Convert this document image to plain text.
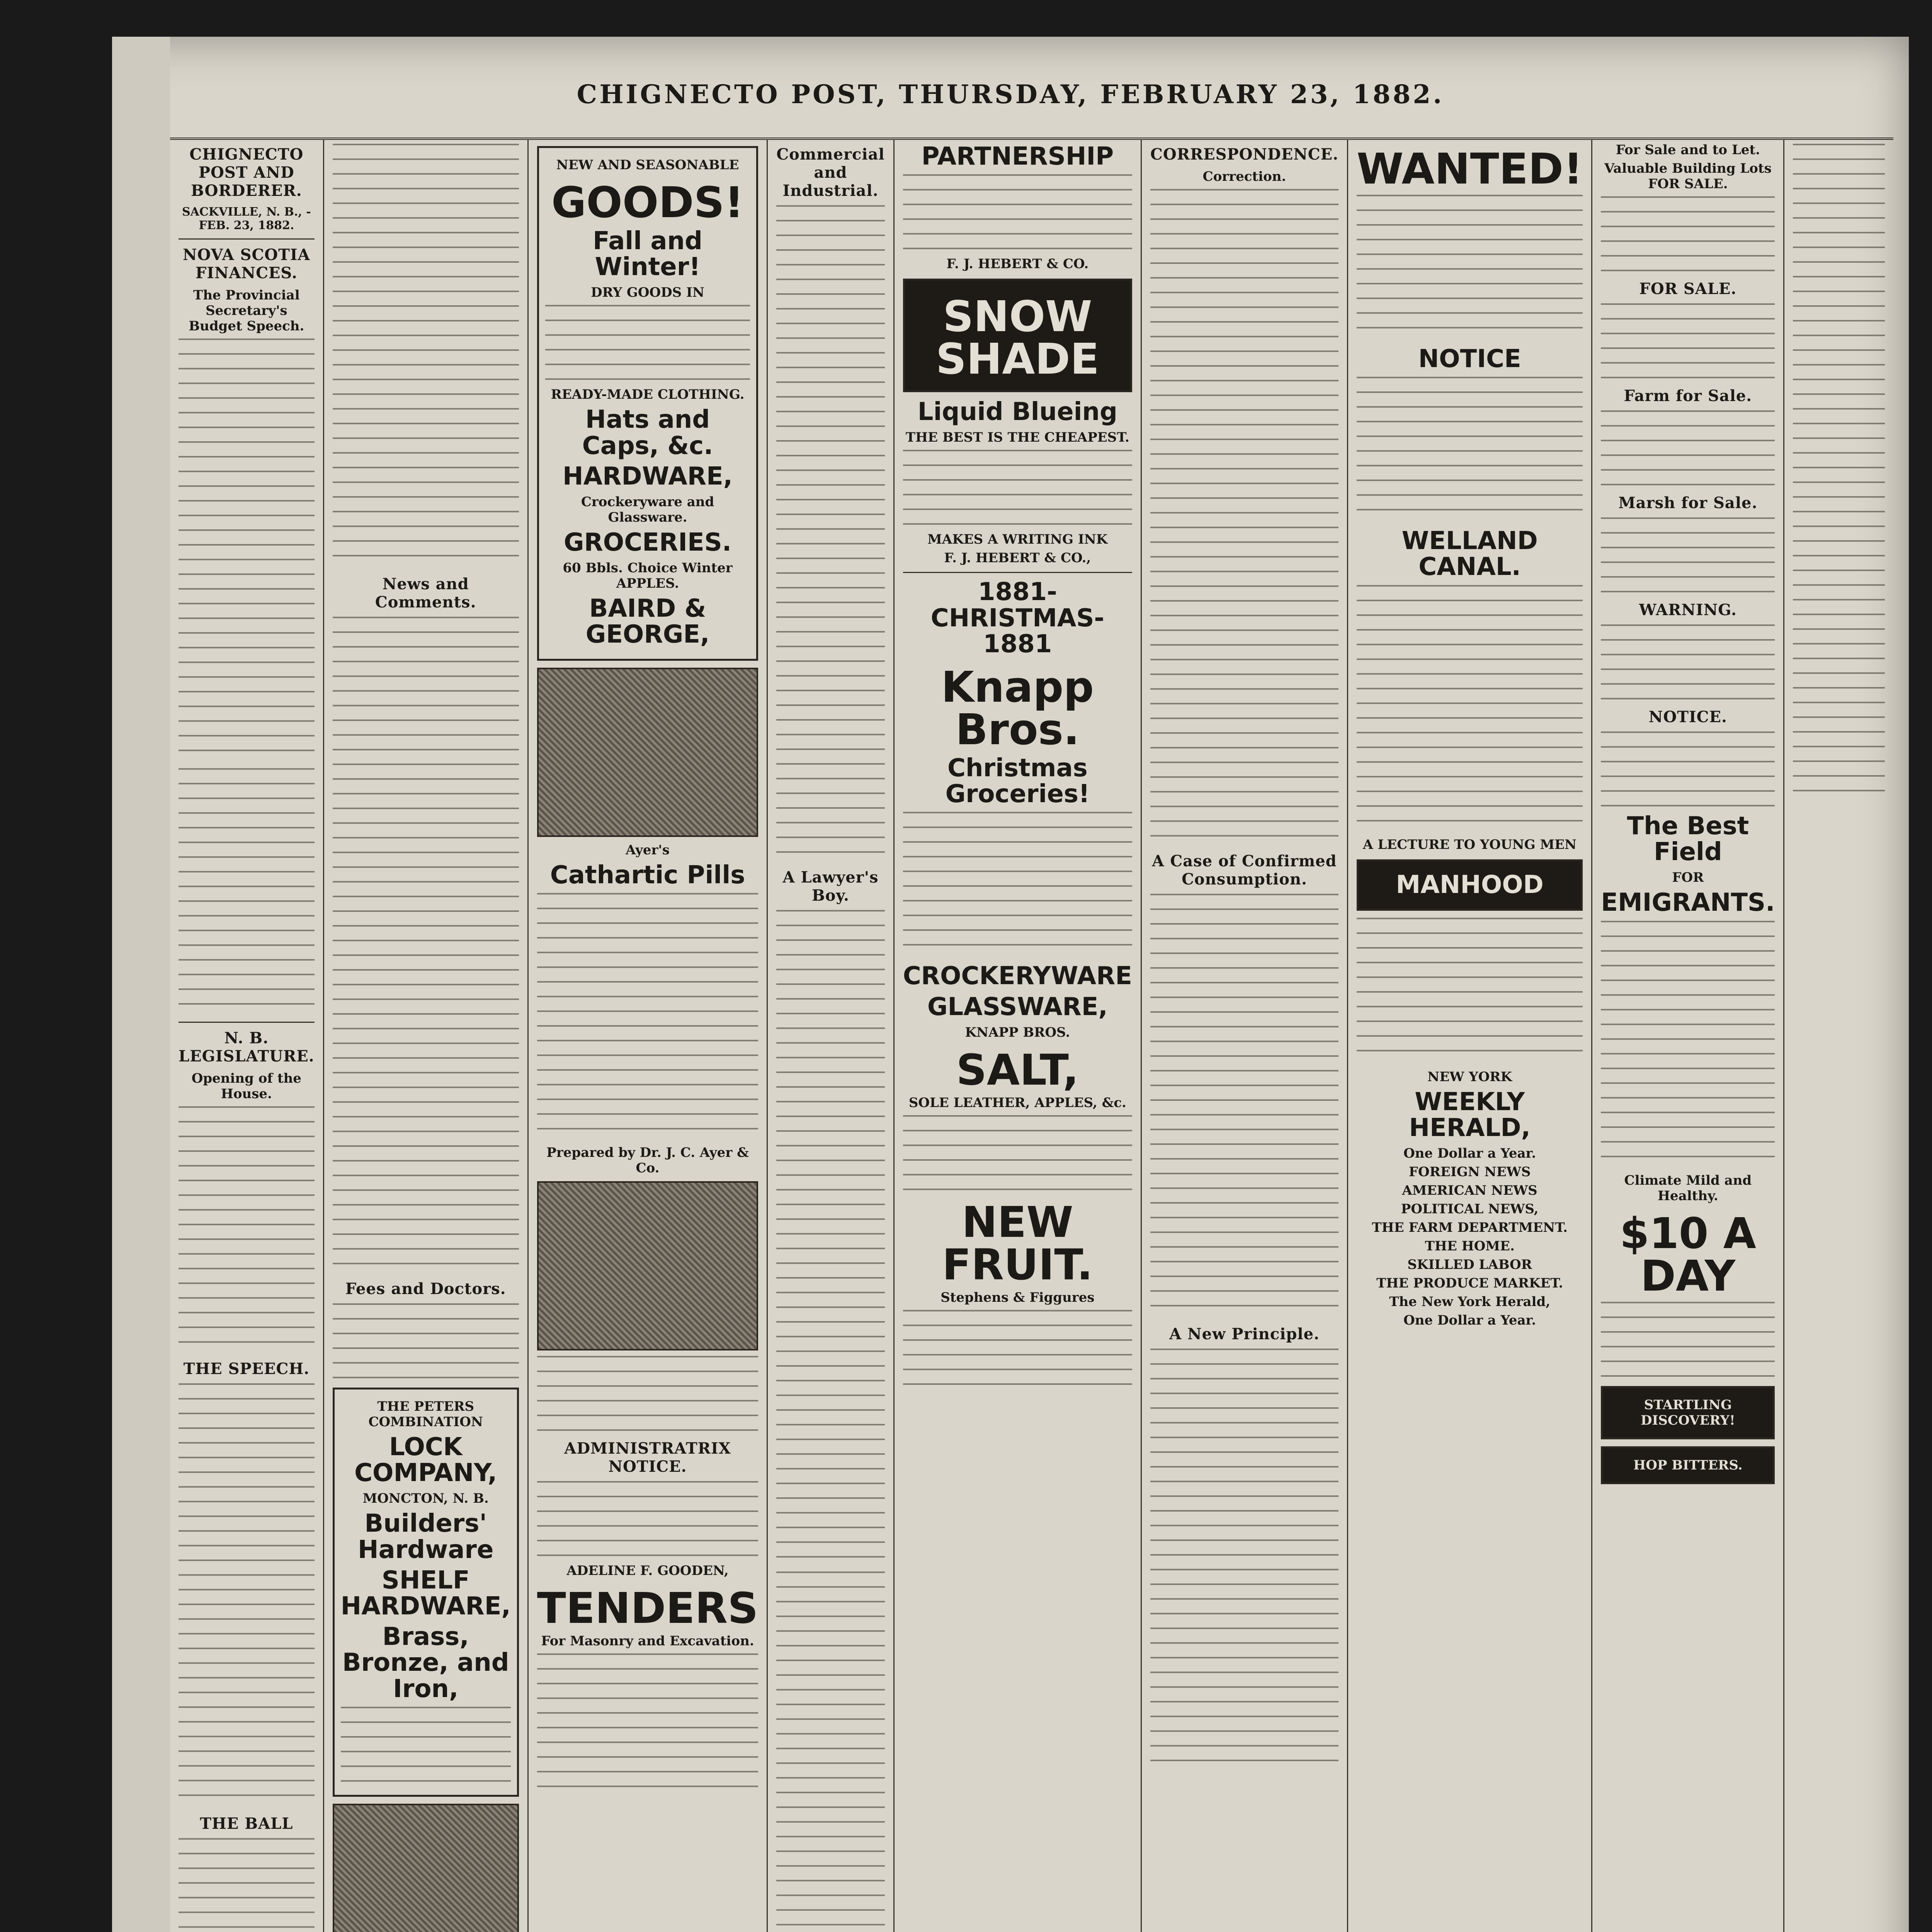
CHIGNECTO POST, THURSDAY, FEBRUARY 23, 1882.
CHIGNECTO POST AND BORDERER.
SACKVILLE, N. B., - FEB. 23, 1882.
NOVA SCOTIA FINANCES.
The Provincial Secretary's Budget Speech.
N. B. LEGISLATURE.
Opening of the House.
THE SPEECH.
THE BALL
News and Comments.
Fees and Doctors.
THE PETERS COMBINATION
LOCK COMPANY,
MONCTON, N. B.
Builders' Hardware
SHELF HARDWARE,
Brass, Bronze, and Iron,
NEW AND SEASONABLE
GOODS!
Fall and Winter!
DRY GOODS IN
READY-MADE CLOTHING.
Hats and Caps, &c.
HARDWARE,
Crockeryware and Glassware.
GROCERIES.
60 Bbls. Choice Winter APPLES.
BAIRD & GEORGE,
Ayer's
Cathartic Pills
Prepared by Dr. J. C. Ayer & Co.
ADMINISTRATRIX NOTICE.
ADELINE F. GOODEN,
TENDERS
For Masonry and Excavation.
Commercial and Industrial.
A Lawyer's Boy.
PARTNERSHIP
F. J. HEBERT & CO.
SNOW SHADE
Liquid Blueing
THE BEST IS THE CHEAPEST.
MAKES A WRITING INK
F. J. HEBERT & CO.,
1881-CHRISTMAS-1881
Knapp Bros.
Christmas Groceries!
CROCKERYWARE
GLASSWARE,
KNAPP BROS.
SALT,
SOLE LEATHER, APPLES, &c.
NEW FRUIT.
Stephens & Figgures
CORRESPONDENCE.
Correction.
A Case of Confirmed Consumption.
A New Principle.
WANTED!
NOTICE
WELLAND CANAL.
A LECTURE TO YOUNG MEN
MANHOOD
NEW YORK
WEEKLY HERALD,
One Dollar a Year.
FOREIGN NEWS
AMERICAN NEWS
POLITICAL NEWS,
THE FARM DEPARTMENT.
THE HOME.
SKILLED LABOR
THE PRODUCE MARKET.
The New York Herald,
One Dollar a Year.
For Sale and to Let.
Valuable Building Lots FOR SALE.
FOR SALE.
Farm for Sale.
Marsh for Sale.
WARNING.
NOTICE.
The Best Field
FOR
EMIGRANTS.
Climate Mild and Healthy.
$10 A DAY
STARTLING DISCOVERY!
HOP BITTERS.
